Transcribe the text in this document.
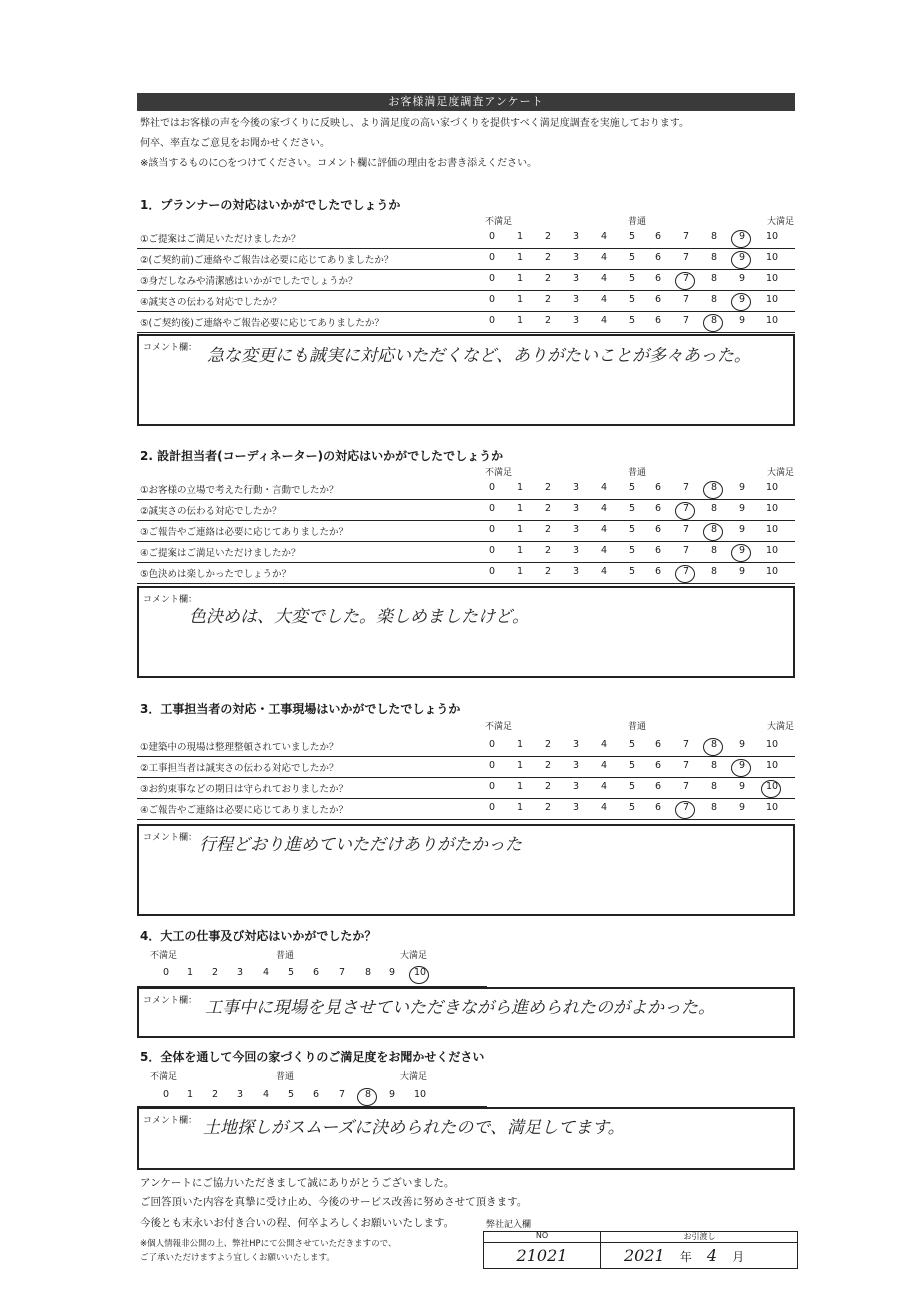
お客様満足度調査アンケート
弊社ではお客様の声を今後の家づくりに反映し、より満足度の高い家づくりを提供すべく満足度調査を実施しております。
何卒、率直なご意見をお聞かせください。
※該当するものに○をつけてください。コメント欄に評価の理由をお書き添えください。
1．プランナーの対応はいかがでしたでしょうか
不満足	普通	大満足
①ご提案はご満足いただけましたか？	0	1	2	3	4	5	6	7	8	9	10
②(ご契約前)ご連絡やご報告は必要に応じてありましたか？	0	1	2	3	4	5	6	7	8	9	10
③身だしなみや清潔感はいかがでしたでしょうか？	0	1	2	3	4	5	6	7	8	9	10
④誠実さの伝わる対応でしたか？	0	1	2	3	4	5	6	7	8	9	10
⑤(ご契約後)ご連絡やご報告必要に応じてありましたか？	0	1	2	3	4	5	6	7	8	9	10
コメント欄： 急な変更にも誠実に対応いただくなど、ありがたいことが多々あった。
2. 設計担当者(コーディネーター)の対応はいかがでしたでしょうか
不満足	普通	大満足
①お客様の立場で考えた行動・言動でしたか？	0	1	2	3	4	5	6	7	8	9	10
②誠実さの伝わる対応でしたか？	0	1	2	3	4	5	6	7	8	9	10
③ご報告やご連絡は必要に応じてありましたか？	0	1	2	3	4	5	6	7	8	9	10
④ご提案はご満足いただけましたか？	0	1	2	3	4	5	6	7	8	9	10
⑤色決めは楽しかったでしょうか？	0	1	2	3	4	5	6	7	8	9	10
コメント欄：
色決めは、大変でした。楽しめましたけど。
3．工事担当者の対応・工事現場はいかがでしたでしょうか
不満足	普通	大満足
①建築中の現場は整理整頓されていましたか？	0	1	2	3	4	5	6	7	8	9	10
②工事担当者は誠実さの伝わる対応でしたか？	0	1	2	3	4	5	6	7	8	9	10
③お約束事などの期日は守られておりましたか？	0	1	2	3	4	5	6	7	8	9	10
④ご報告やご連絡は必要に応じてありましたか？	0	1	2	3	4	5	6	7	8	9	10
コメント欄： 行程どおり進めていただけありがたかった
4．大工の仕事及び対応はいかがでしたか？
不満足	普通	大満足
0	1	2	3	4	5	6	7	8	9	10
コメント欄： 工事中に現場を見させていただきながら進められたのがよかった。
5．全体を通して今回の家づくりのご満足度をお聞かせください
不満足	普通	大満足
0	1	2	3	4	5	6	7	8	9	10
コメント欄： 土地探しがスムーズに決められたので、満足してます。
アンケートにご協力いただきまして誠にありがとうございました。
ご回答頂いた内容を真摯に受け止め、今後のサービス改善に努めさせて頂きます。
今後とも末永いお付き合いの程、何卒よろしくお願いいたします。
※個人情報非公開の上、弊社HPにて公開させていただきますので、
ご了承いただけますよう宜しくお願いいたします。
弊社記入欄
NO	お引渡し
21021	2021 年 4 月
